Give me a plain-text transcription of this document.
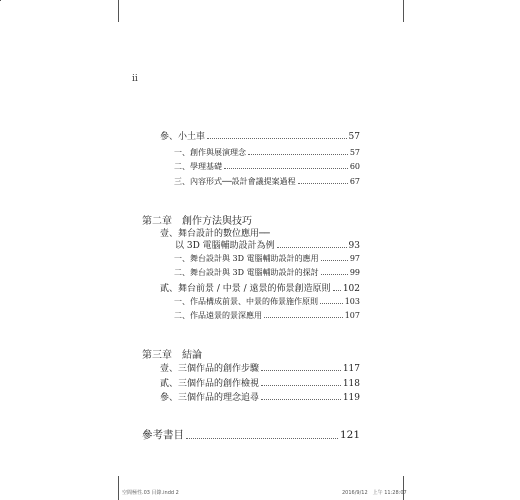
ii
參、小土車	57
一、創作與展演理念	57
二、學理基礎	60
三、內容形式──設計會議提案過程	67
第二章　創作方法與技巧
壹、舞台設計的數位應用──
以 3D 電腦輔助設計為例	93
一、舞台設計與 3D 電腦輔助設計的應用	97
二、舞台設計與 3D 電腦輔助設計的探討	99
貳、舞台前景 / 中景 / 遠景的佈景創造原則 102
一、作品構成前景、中景的佈景施作原則	103
二、作品遠景的景深應用	107
第三章　結論
壹、三個作品的創作步驟	117
貳、三個作品的創作檢視	118
參、三個作品的理念追尋	119
參考書目	121
空間極性.03 目錄.indd 2	2016/9/12　上午 11:28:07
